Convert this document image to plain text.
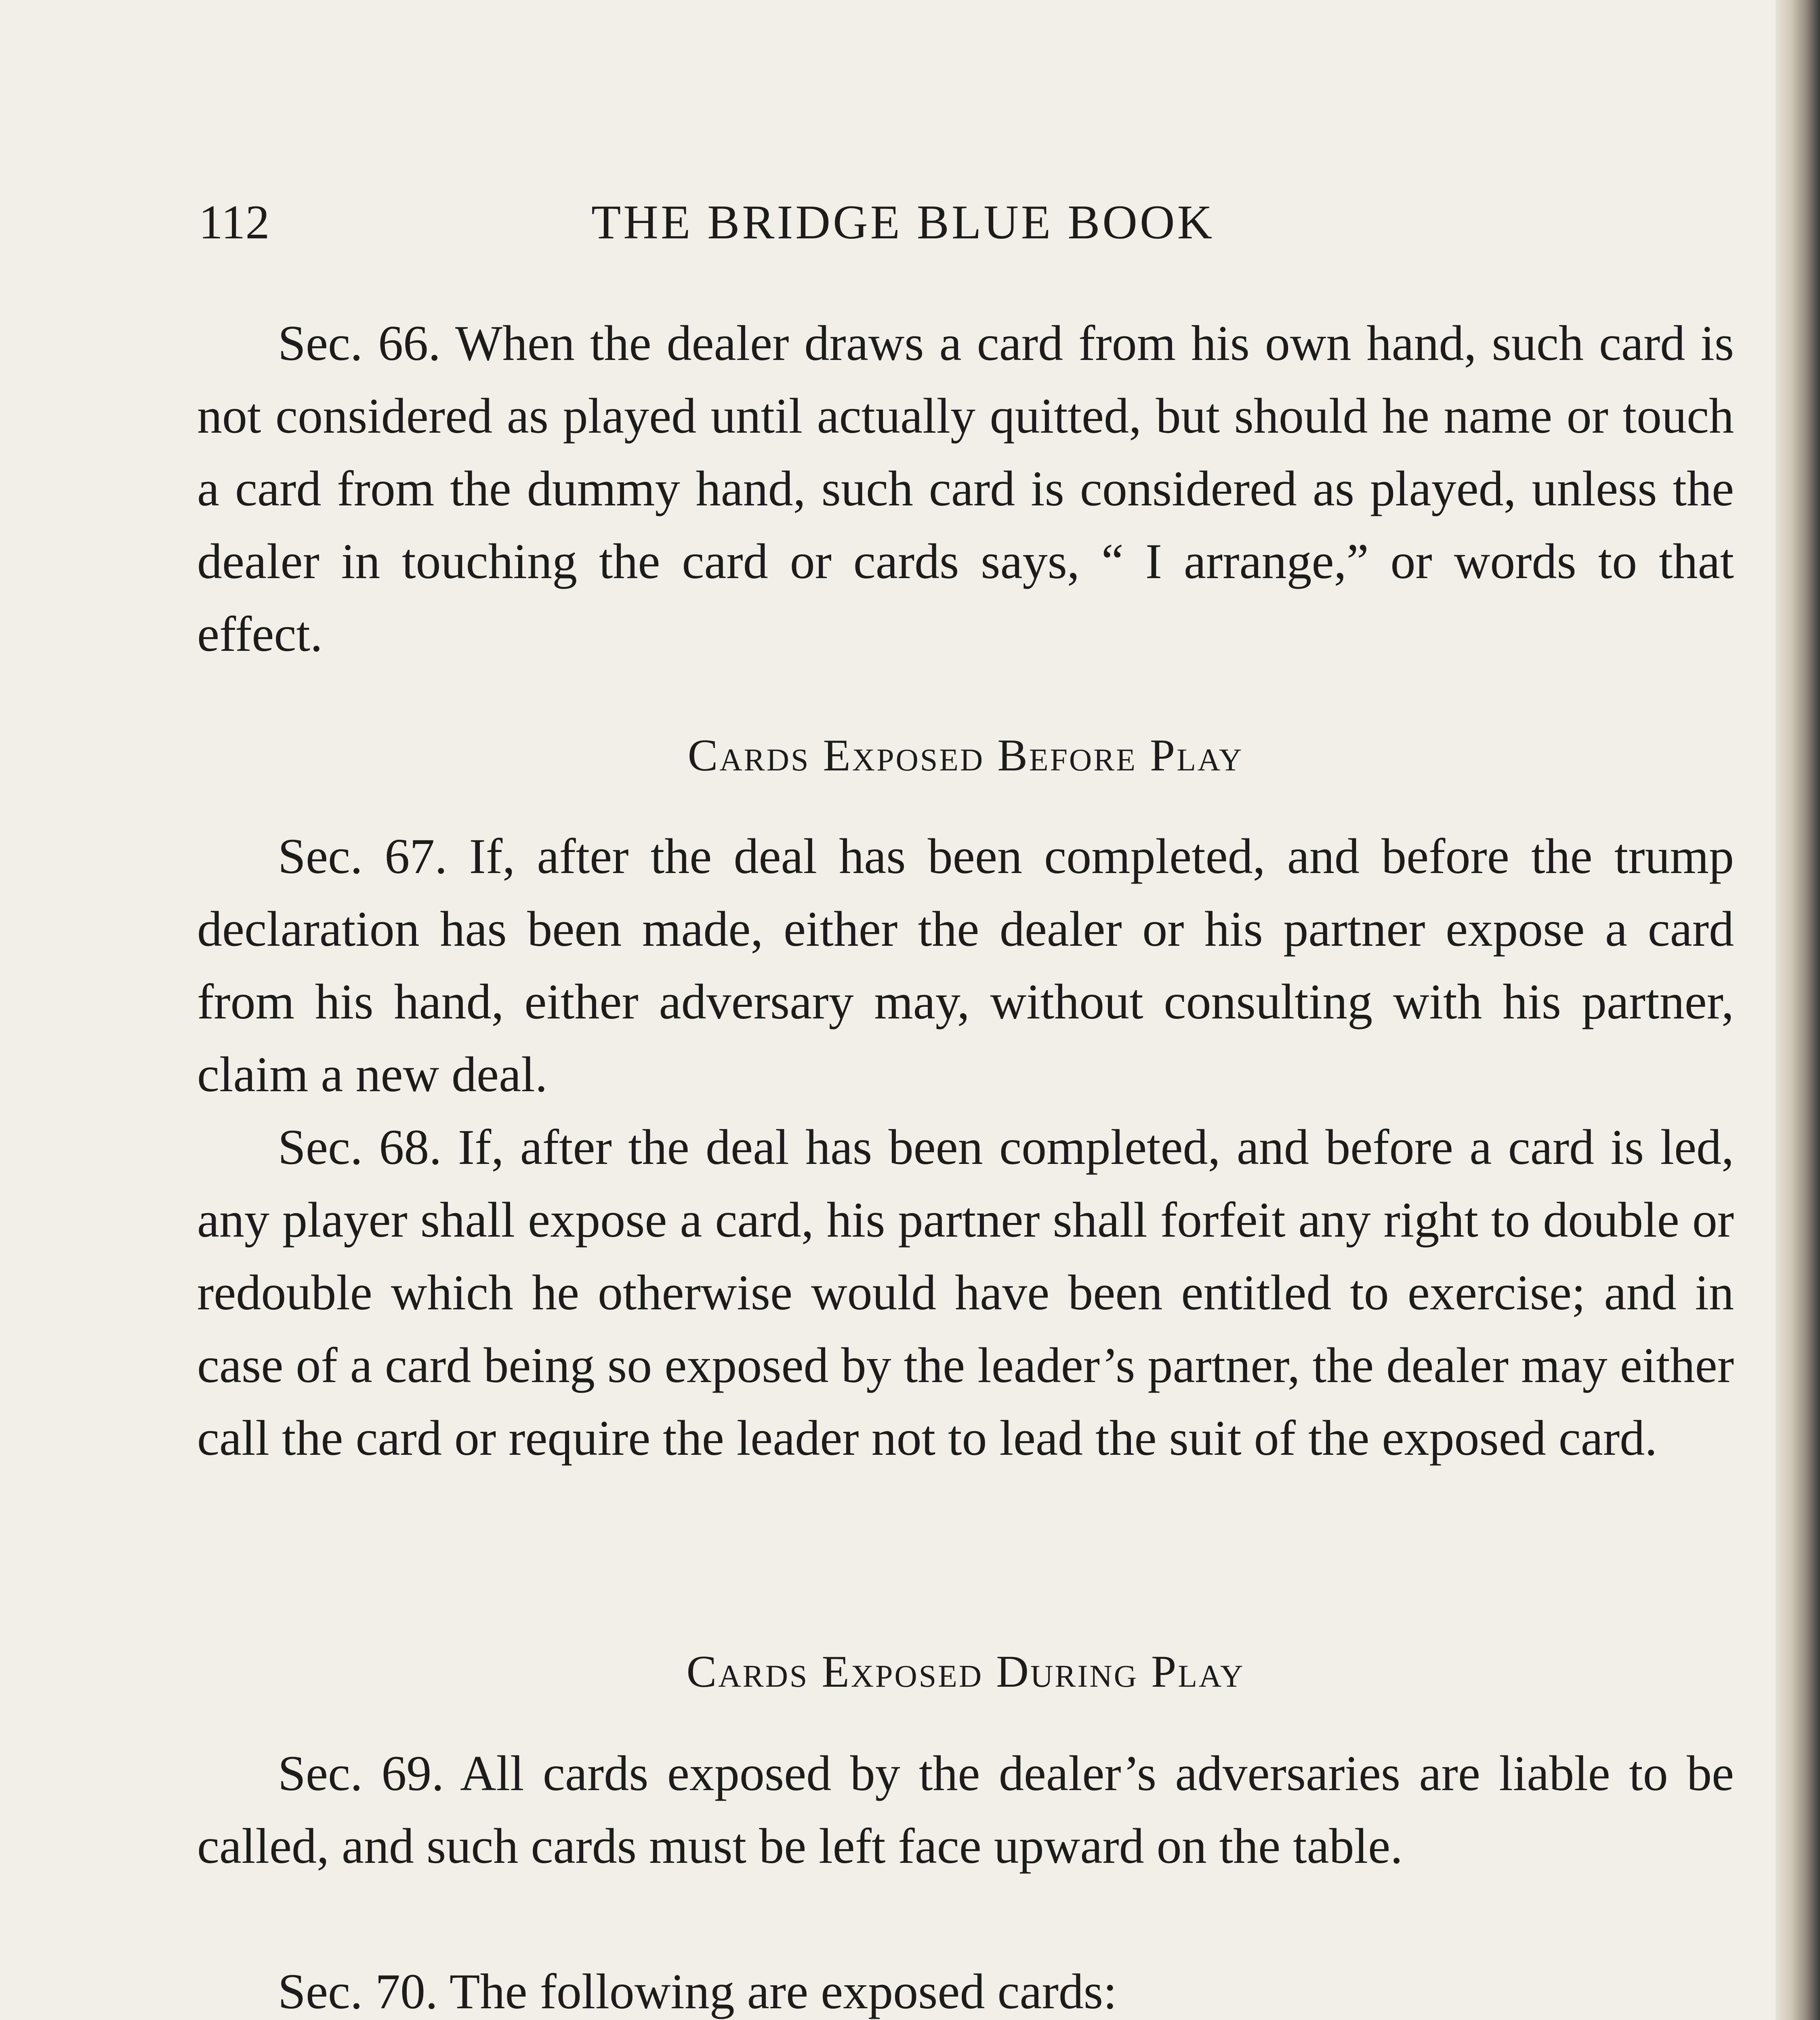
112	THE BRIDGE BLUE BOOK

Sec. 66. When the dealer draws a card from his own hand, such card is not considered as played until actually quitted, but should he name or touch a card from the dummy hand, such card is considered as played, unless the dealer in touching the card or cards says, “ I arrange,” or words to that effect.

Cards Exposed Before Play

Sec. 67. If, after the deal has been completed, and before the trump declaration has been made, either the dealer or his partner expose a card from his hand, either adversary may, without consulting with his partner, claim a new deal.

Sec. 68. If, after the deal has been completed, and before a card is led, any player shall expose a card, his partner shall forfeit any right to double or redouble which he otherwise would have been entitled to exercise; and in case of a card being so exposed by the leader’s partner, the dealer may either call the card or require the leader not to lead the suit of the exposed card.

Cards Exposed During Play

Sec. 69. All cards exposed by the dealer’s adversaries are liable to be called, and such cards must be left face upward on the table.

Sec. 70. The following are exposed cards:
